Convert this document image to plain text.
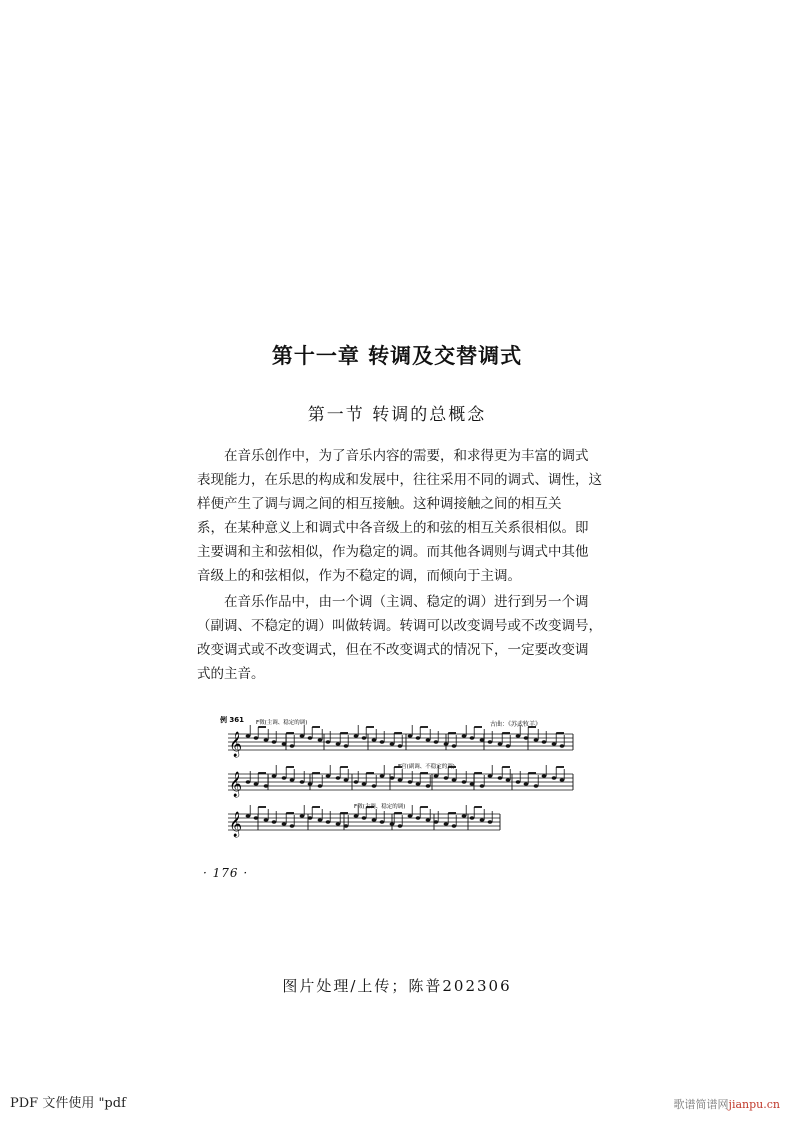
第十一章 转调及交替调式
第一节 转调的总概念
在音乐创作中，为了音乐内容的需要，和求得更为丰富的调式
表现能力，在乐思的构成和发展中，往往采用不同的调式、调性，这
样便产生了调与调之间的相互接触。这种调接触之间的相互关
系，在某种意义上和调式中各音级上的和弦的相互关系很相似。即
主要调和主和弦相似，作为稳定的调。而其他各调则与调式中其他
音级上的和弦相似，作为不稳定的调，而倾向于主调。
在音乐作品中，由一个调（主调、稳定的调）进行到另一个调
（副调、不稳定的调）叫做转调。转调可以改变调号或不改变调号，
改变调式或不改变调式，但在不改变调式的情况下，一定要改变调
式的主音。
例 361 F徵(主调、稳定的调)	古曲：《苏武牧羊》
F宫(副调、不稳定的调)
F徵(主调、稳定的调)
𝄞
𝄞
𝄞
· 176 ·
图片处理/上传；陈普202306
PDF 文件使用 "pdf	歌谱简谱网jianpu.cn
